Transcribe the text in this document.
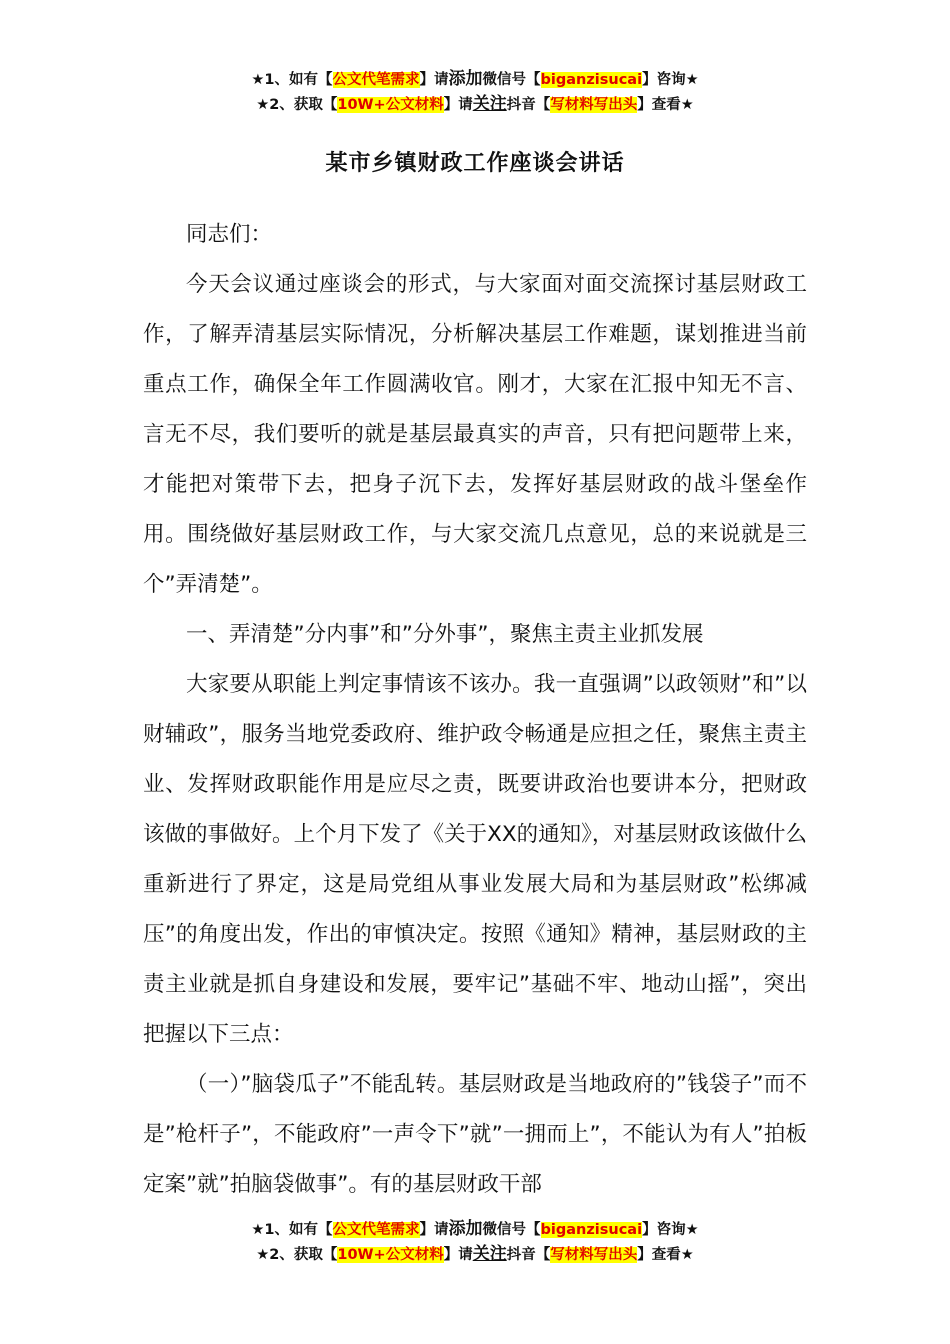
★1、如有【公文代笔需求】请添加微信号【biganzisucai】咨询★
★2、获取【10W+公文材料】请关注抖音【写材料写出头】查看★
某市乡镇财政工作座谈会讲话

同志们：

今天会议通过座谈会的形式，与大家面对面交流探讨基层财政工作，了解弄清基层实际情况，分析解决基层工作难题，谋划推进当前重点工作，确保全年工作圆满收官。刚才，大家在汇报中知无不言、言无不尽，我们要听的就是基层最真实的声音，只有把问题带上来，才能把对策带下去，把身子沉下去，发挥好基层财政的战斗堡垒作用。围绕做好基层财政工作，与大家交流几点意见，总的来说就是三个”弄清楚”。

一、弄清楚”分内事”和”分外事”，聚焦主责主业抓发展

大家要从职能上判定事情该不该办。我一直强调”以政领财”和”以财辅政”，服务当地党委政府、维护政令畅通是应担之任，聚焦主责主业、发挥财政职能作用是应尽之责，既要讲政治也要讲本分，把财政该做的事做好。上个月下发了《关于XX的通知》，对基层财政该做什么重新进行了界定，这是局党组从事业发展大局和为基层财政”松绑减压”的角度出发，作出的审慎决定。按照《通知》精神，基层财政的主责主业就是抓自身建设和发展，要牢记”基础不牢、地动山摇”，突出把握以下三点：

（一）”脑袋瓜子”不能乱转。基层财政是当地政府的”钱袋子”而不是”枪杆子”，不能政府”一声令下”就”一拥而上”，不能认为有人”拍板定案”就”拍脑袋做事”。有的基层财政干部

★1、如有【公文代笔需求】请添加微信号【biganzisucai】咨询★
★2、获取【10W+公文材料】请关注抖音【写材料写出头】查看★
